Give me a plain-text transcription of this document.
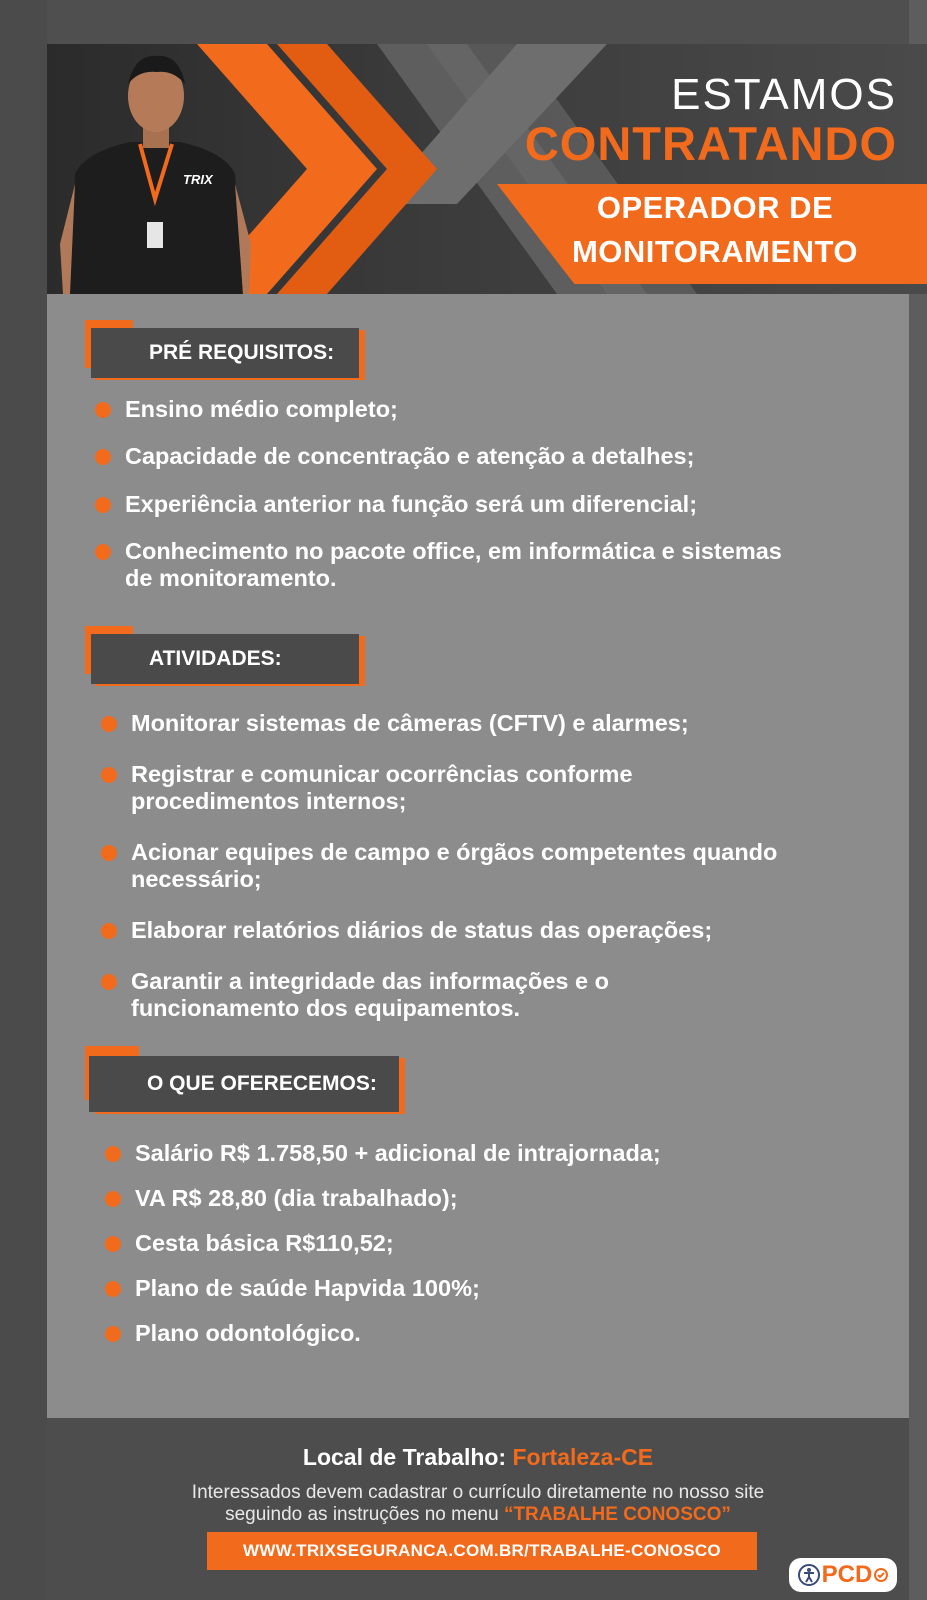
TRIX
ESTAMOS
CONTRATANDO
OPERADOR DE
MONITORAMENTO
PRÉ REQUISITOS:
Ensino médio completo;
Capacidade de concentração e atenção a detalhes;
Experiência anterior na função será um diferencial;
Conhecimento no pacote office, em informática e sistemas de monitoramento.
ATIVIDADES:
Monitorar sistemas de câmeras (CFTV) e alarmes;
Registrar e comunicar ocorrências conforme procedimentos internos;
Acionar equipes de campo e órgãos competentes quando necessário;
Elaborar relatórios diários de status das operações;
Garantir a integridade das informações e o funcionamento dos equipamentos.
O QUE OFERECEMOS:
Salário R$ 1.758,50 + adicional de intrajornada;
VA R$ 28,80 (dia trabalhado);
Cesta básica R$110,52;
Plano de saúde Hapvida 100%;
Plano odontológico.
Local de Trabalho: Fortaleza-CE
Interessados devem cadastrar o currículo diretamente no nosso site
seguindo as instruções no menu “TRABALHE CONOSCO”
WWW.TRIXSEGURANCA.COM.BR/TRABALHE-CONOSCO
PCD
